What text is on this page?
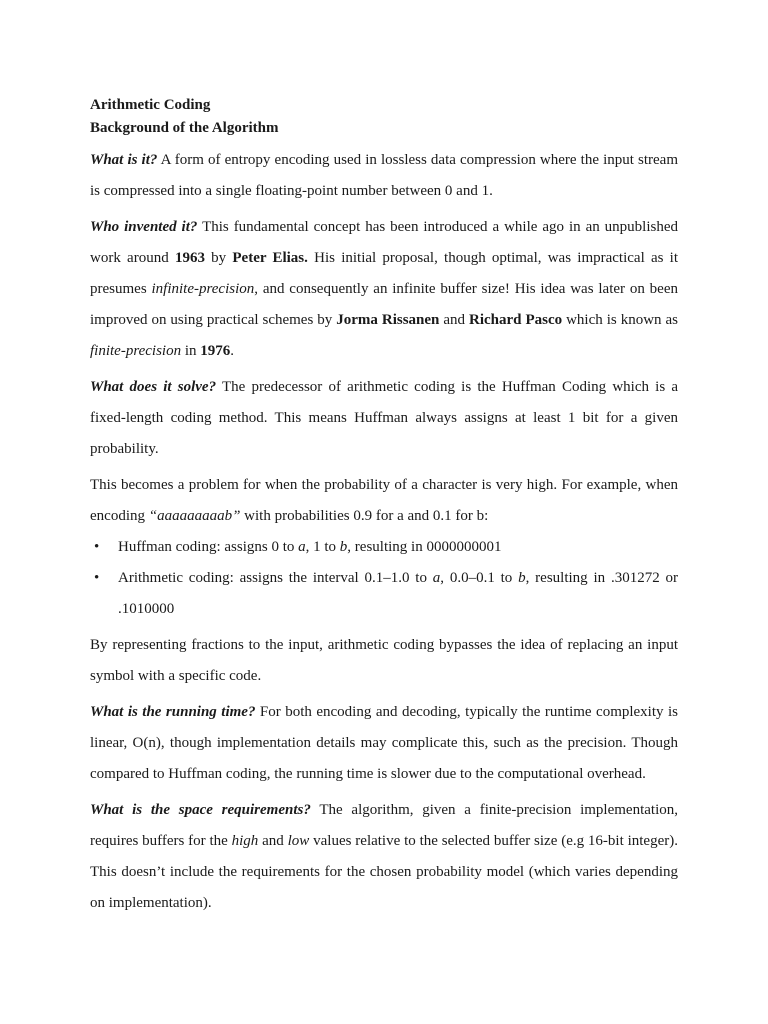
Arithmetic Coding

Background of the Algorithm

What is it? A form of entropy encoding used in lossless data compression where the input stream is compressed into a single floating-point number between 0 and 1.

Who invented it? This fundamental concept has been introduced a while ago in an unpublished work around 1963 by Peter Elias. His initial proposal, though optimal, was impractical as it presumes infinite-precision, and consequently an infinite buffer size! His idea was later on been improved on using practical schemes by Jorma Rissanen and Richard Pasco which is known as finite-precision in 1976.

What does it solve? The predecessor of arithmetic coding is the Huffman Coding which is a fixed-length coding method. This means Huffman always assigns at least 1 bit for a given probability.

This becomes a problem for when the probability of a character is very high. For example, when encoding “aaaaaaaaab” with probabilities 0.9 for a and 0.1 for b:

• Huffman coding: assigns 0 to a, 1 to b, resulting in 0000000001
• Arithmetic coding: assigns the interval 0.1–1.0 to a, 0.0–0.1 to b, resulting in .301272 or .1010000

By representing fractions to the input, arithmetic coding bypasses the idea of replacing an input symbol with a specific code.

What is the running time? For both encoding and decoding, typically the runtime complexity is linear, O(n), though implementation details may complicate this, such as the precision. Though compared to Huffman coding, the running time is slower due to the computational overhead.

What is the space requirements? The algorithm, given a finite-precision implementation, requires buffers for the high and low values relative to the selected buffer size (e.g 16-bit integer). This doesn’t include the requirements for the chosen probability model (which varies depending on implementation).
